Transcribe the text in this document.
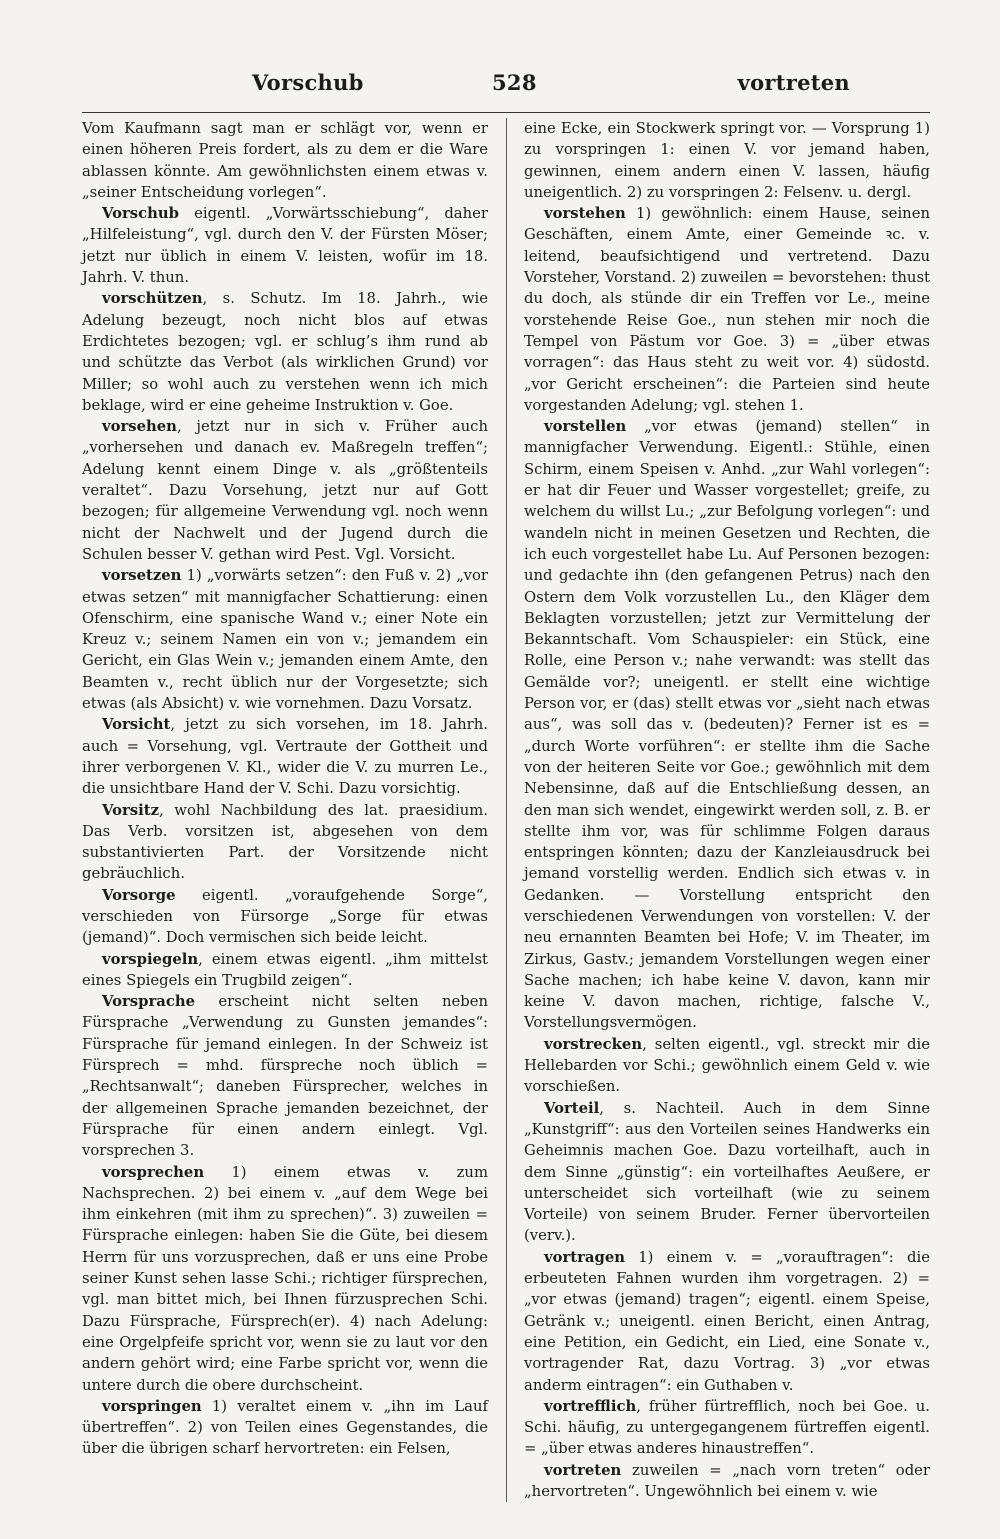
Vorschub	528	vortreten

Vom Kaufmann sagt man er schlägt vor, wenn er einen höheren Preis fordert, als zu dem er die Ware ablassen könnte. Am gewöhnlichsten einem etwas v. „seiner Entscheidung vorlegen“.

Vorschub eigentl. „Vorwärtsschiebung“, daher „Hilfeleistung“, vgl. durch den V. der Fürsten Möser; jetzt nur üblich in einem V. leisten, wofür im 18. Jahrh. V. thun.

vorschützen, s. Schutz. Im 18. Jahrh., wie Adelung bezeugt, noch nicht blos auf etwas Erdichtetes bezogen; vgl. er schlug’s ihm rund ab und schützte das Verbot (als wirklichen Grund) vor Miller; so wohl auch zu verstehen wenn ich mich beklage, wird er eine geheime Instruktion v. Goe.

vorsehen, jetzt nur in sich v. Früher auch „vorhersehen und danach ev. Maßregeln treffen“; Adelung kennt einem Dinge v. als „größtenteils veraltet“. Dazu Vorsehung, jetzt nur auf Gott bezogen; für allgemeine Verwendung vgl. noch wenn nicht der Nachwelt und der Jugend durch die Schulen besser V. gethan wird Pest. Vgl. Vorsicht.

vorsetzen 1) „vorwärts setzen“: den Fuß v. 2) „vor etwas setzen“ mit mannigfacher Schattierung: einen Ofenschirm, eine spanische Wand v.; einer Note ein Kreuz v.; seinem Namen ein von v.; jemandem ein Gericht, ein Glas Wein v.; jemanden einem Amte, den Beamten v., recht üblich nur der Vorgesetzte; sich etwas (als Absicht) v. wie vornehmen. Dazu Vorsatz.

Vorsicht, jetzt zu sich vorsehen, im 18. Jahrh. auch = Vorsehung, vgl. Vertraute der Gottheit und ihrer verborgenen V. Kl., wider die V. zu murren Le., die unsichtbare Hand der V. Schi. Dazu vorsichtig.

Vorsitz, wohl Nachbildung des lat. praesidium. Das Verb. vorsitzen ist, abgesehen von dem substantivierten Part. der Vorsitzende nicht gebräuchlich.

Vorsorge eigentl. „voraufgehende Sorge“, verschieden von Fürsorge „Sorge für etwas (jemand)“. Doch vermischen sich beide leicht.

vorspiegeln, einem etwas eigentl. „ihm mittelst eines Spiegels ein Trugbild zeigen“.

Vorsprache erscheint nicht selten neben Fürsprache „Verwendung zu Gunsten jemandes“: Fürsprache für jemand einlegen. In der Schweiz ist Fürsprech = mhd. fürspreche noch üblich = „Rechtsanwalt“; daneben Fürsprecher, welches in der allgemeinen Sprache jemanden bezeichnet, der Fürsprache für einen andern einlegt. Vgl. vorsprechen 3.

vorsprechen 1) einem etwas v. zum Nachsprechen. 2) bei einem v. „auf dem Wege bei ihm einkehren (mit ihm zu sprechen)“. 3) zuweilen = Fürsprache einlegen: haben Sie die Güte, bei diesem Herrn für uns vorzusprechen, daß er uns eine Probe seiner Kunst sehen lasse Schi.; richtiger fürsprechen, vgl. man bittet mich, bei Ihnen fürzusprechen Schi. Dazu Fürsprache, Fürsprech(er). 4) nach Adelung: eine Orgelpfeife spricht vor, wenn sie zu laut vor den andern gehört wird; eine Farbe spricht vor, wenn die untere durch die obere durchscheint.

vorspringen 1) veraltet einem v. „ihn im Lauf übertreffen“. 2) von Teilen eines Gegenstandes, die über die übrigen scharf hervortreten: ein Felsen,

eine Ecke, ein Stockwerk springt vor. — Vorsprung 1) zu vorspringen 1: einen V. vor jemand haben, gewinnen, einem andern einen V. lassen, häufig uneigentlich. 2) zu vorspringen 2: Felsenv. u. dergl.

vorstehen 1) gewöhnlich: einem Hause, seinen Geschäften, einem Amte, einer Gemeinde ꝛc. v. leitend, beaufsichtigend und vertretend. Dazu Vorsteher, Vorstand. 2) zuweilen = bevorstehen: thust du doch, als stünde dir ein Treffen vor Le., meine vorstehende Reise Goe., nun stehen mir noch die Tempel von Pästum vor Goe. 3) = „über etwas vorragen“: das Haus steht zu weit vor. 4) südostd. „vor Gericht erscheinen“: die Parteien sind heute vorgestanden Adelung; vgl. stehen 1.

vorstellen „vor etwas (jemand) stellen“ in mannigfacher Verwendung. Eigentl.: Stühle, einen Schirm, einem Speisen v. Anhd. „zur Wahl vorlegen“: er hat dir Feuer und Wasser vorgestellet; greife, zu welchem du willst Lu.; „zur Befolgung vorlegen“: und wandeln nicht in meinen Gesetzen und Rechten, die ich euch vorgestellet habe Lu. Auf Personen bezogen: und gedachte ihn (den gefangenen Petrus) nach den Ostern dem Volk vorzustellen Lu., den Kläger dem Beklagten vorzustellen; jetzt zur Vermittelung der Bekanntschaft. Vom Schauspieler: ein Stück, eine Rolle, eine Person v.; nahe verwandt: was stellt das Gemälde vor?; uneigentl. er stellt eine wichtige Person vor, er (das) stellt etwas vor „sieht nach etwas aus“, was soll das v. (bedeuten)? Ferner ist es = „durch Worte vorführen“: er stellte ihm die Sache von der heiteren Seite vor Goe.; gewöhnlich mit dem Nebensinne, daß auf die Entschließung dessen, an den man sich wendet, eingewirkt werden soll, z. B. er stellte ihm vor, was für schlimme Folgen daraus entspringen könnten; dazu der Kanzleiausdruck bei jemand vorstellig werden. Endlich sich etwas v. in Gedanken. — Vorstellung entspricht den verschiedenen Verwendungen von vorstellen: V. der neu ernannten Beamten bei Hofe; V. im Theater, im Zirkus, Gastv.; jemandem Vorstellungen wegen einer Sache machen; ich habe keine V. davon, kann mir keine V. davon machen, richtige, falsche V., Vorstellungsvermögen.

vorstrecken, selten eigentl., vgl. streckt mir die Hellebarden vor Schi.; gewöhnlich einem Geld v. wie vorschießen.

Vorteil, s. Nachteil. Auch in dem Sinne „Kunstgriff“: aus den Vorteilen seines Handwerks ein Geheimnis machen Goe. Dazu vorteilhaft, auch in dem Sinne „günstig“: ein vorteilhaftes Aeußere, er unterscheidet sich vorteilhaft (wie zu seinem Vorteile) von seinem Bruder. Ferner übervorteilen (verv.).

vortragen 1) einem v. = „vorauftragen“: die erbeuteten Fahnen wurden ihm vorgetragen. 2) = „vor etwas (jemand) tragen“; eigentl. einem Speise, Getränk v.; uneigentl. einen Bericht, einen Antrag, eine Petition, ein Gedicht, ein Lied, eine Sonate v., vortragender Rat, dazu Vortrag. 3) „vor etwas anderm eintragen“: ein Guthaben v.

vortrefflich, früher fürtrefflich, noch bei Goe. u. Schi. häufig, zu untergegangenem fürtreffen eigentl. = „über etwas anderes hinaustreffen“.

vortreten zuweilen = „nach vorn treten“ oder „hervortreten“. Ungewöhnlich bei einem v. wie
